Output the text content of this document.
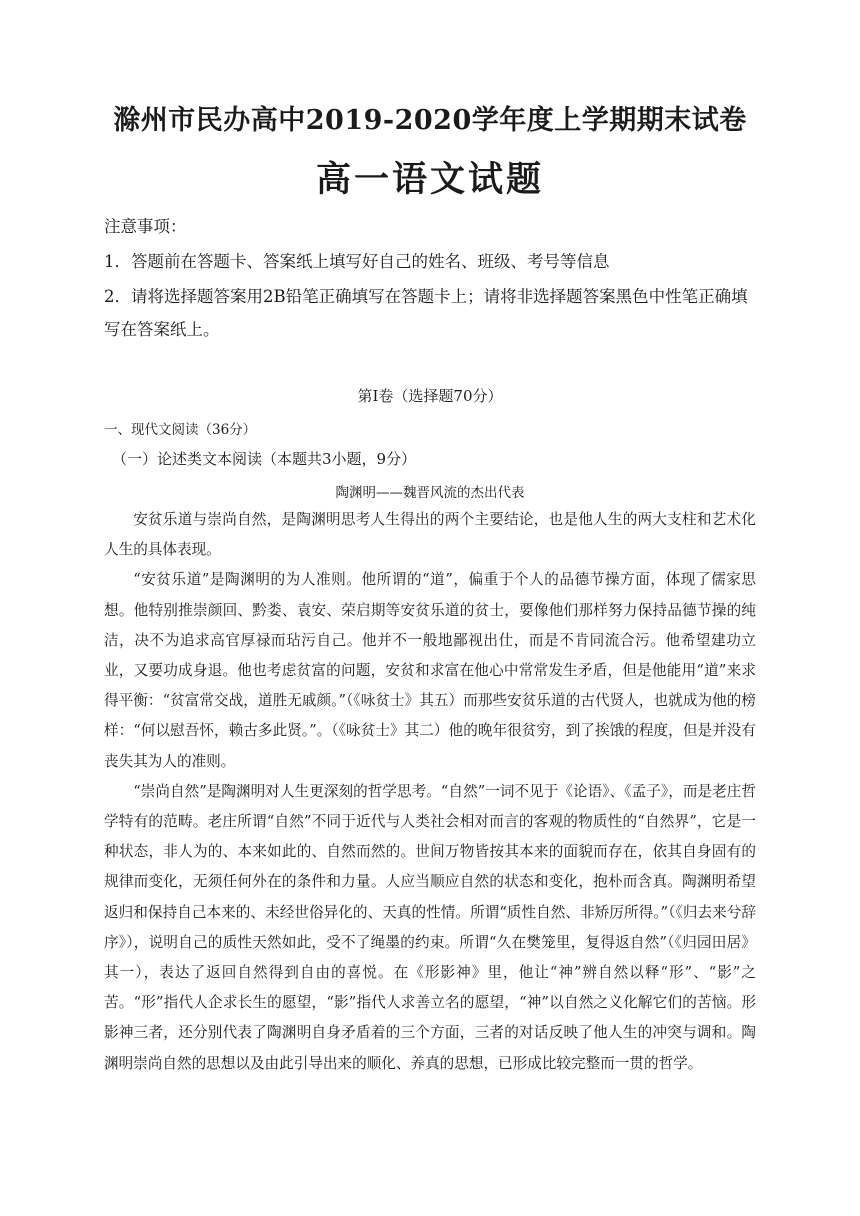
滁州市民办高中2019-2020学年度上学期期末试卷
高一语文试题
注意事项：
1．答题前在答题卡、答案纸上填写好自己的姓名、班级、考号等信息
2．请将选择题答案用2B铅笔正确填写在答题卡上；请将非选择题答案黑色中性笔正确填写在答案纸上。
第I卷（选择题70分）
一、现代文阅读（36分）
（一）论述类文本阅读（本题共3小题，9分）
陶渊明——魏晋风流的杰出代表

安贫乐道与崇尚自然，是陶渊明思考人生得出的两个主要结论，也是他人生的两大支柱和艺术化人生的具体表现。

“安贫乐道”是陶渊明的为人准则。他所谓的“道”，偏重于个人的品德节操方面，体现了儒家思想。他特别推崇颜回、黔娄、袁安、荣启期等安贫乐道的贫士，要像他们那样努力保持品德节操的纯洁，决不为追求高官厚禄而玷污自己。他并不一般地鄙视出仕，而是不肯同流合污。他希望建功立业，又要功成身退。他也考虑贫富的问题，安贫和求富在他心中常常发生矛盾，但是他能用“道”来求得平衡：“贫富常交战，道胜无戚颜。”（《咏贫士》其五）而那些安贫乐道的古代贤人，也就成为他的榜样：“何以慰吾怀，赖古多此贤。”。（《咏贫士》其二）他的晚年很贫穷，到了挨饿的程度，但是并没有丧失其为人的准则。

“崇尚自然”是陶渊明对人生更深刻的哲学思考。“自然”一词不见于《论语》、《孟子》，而是老庄哲学特有的范畴。老庄所谓“自然”不同于近代与人类社会相对而言的客观的物质性的“自然界”，它是一种状态，非人为的、本来如此的、自然而然的。世间万物皆按其本来的面貌而存在，依其自身固有的规律而变化，无须任何外在的条件和力量。人应当顺应自然的状态和变化，抱朴而含真。陶渊明希望返归和保持自己本来的、未经世俗异化的、天真的性情。所谓“质性自然、非矫厉所得。”（《归去来兮辞序》），说明自己的质性天然如此，受不了绳墨的约束。所谓“久在樊笼里，复得返自然”（《归园田居》其一），表达了返回自然得到自由的喜悦。在《形影神》里，他让“神”辨自然以释“形”、“影”之苦。“形”指代人企求长生的愿望，“影”指代人求善立名的愿望，“神”以自然之义化解它们的苦恼。形影神三者，还分别代表了陶渊明自身矛盾着的三个方面，三者的对话反映了他人生的冲突与调和。陶渊明崇尚自然的思想以及由此引导出来的顺化、养真的思想，已形成比较完整而一贯的哲学。
